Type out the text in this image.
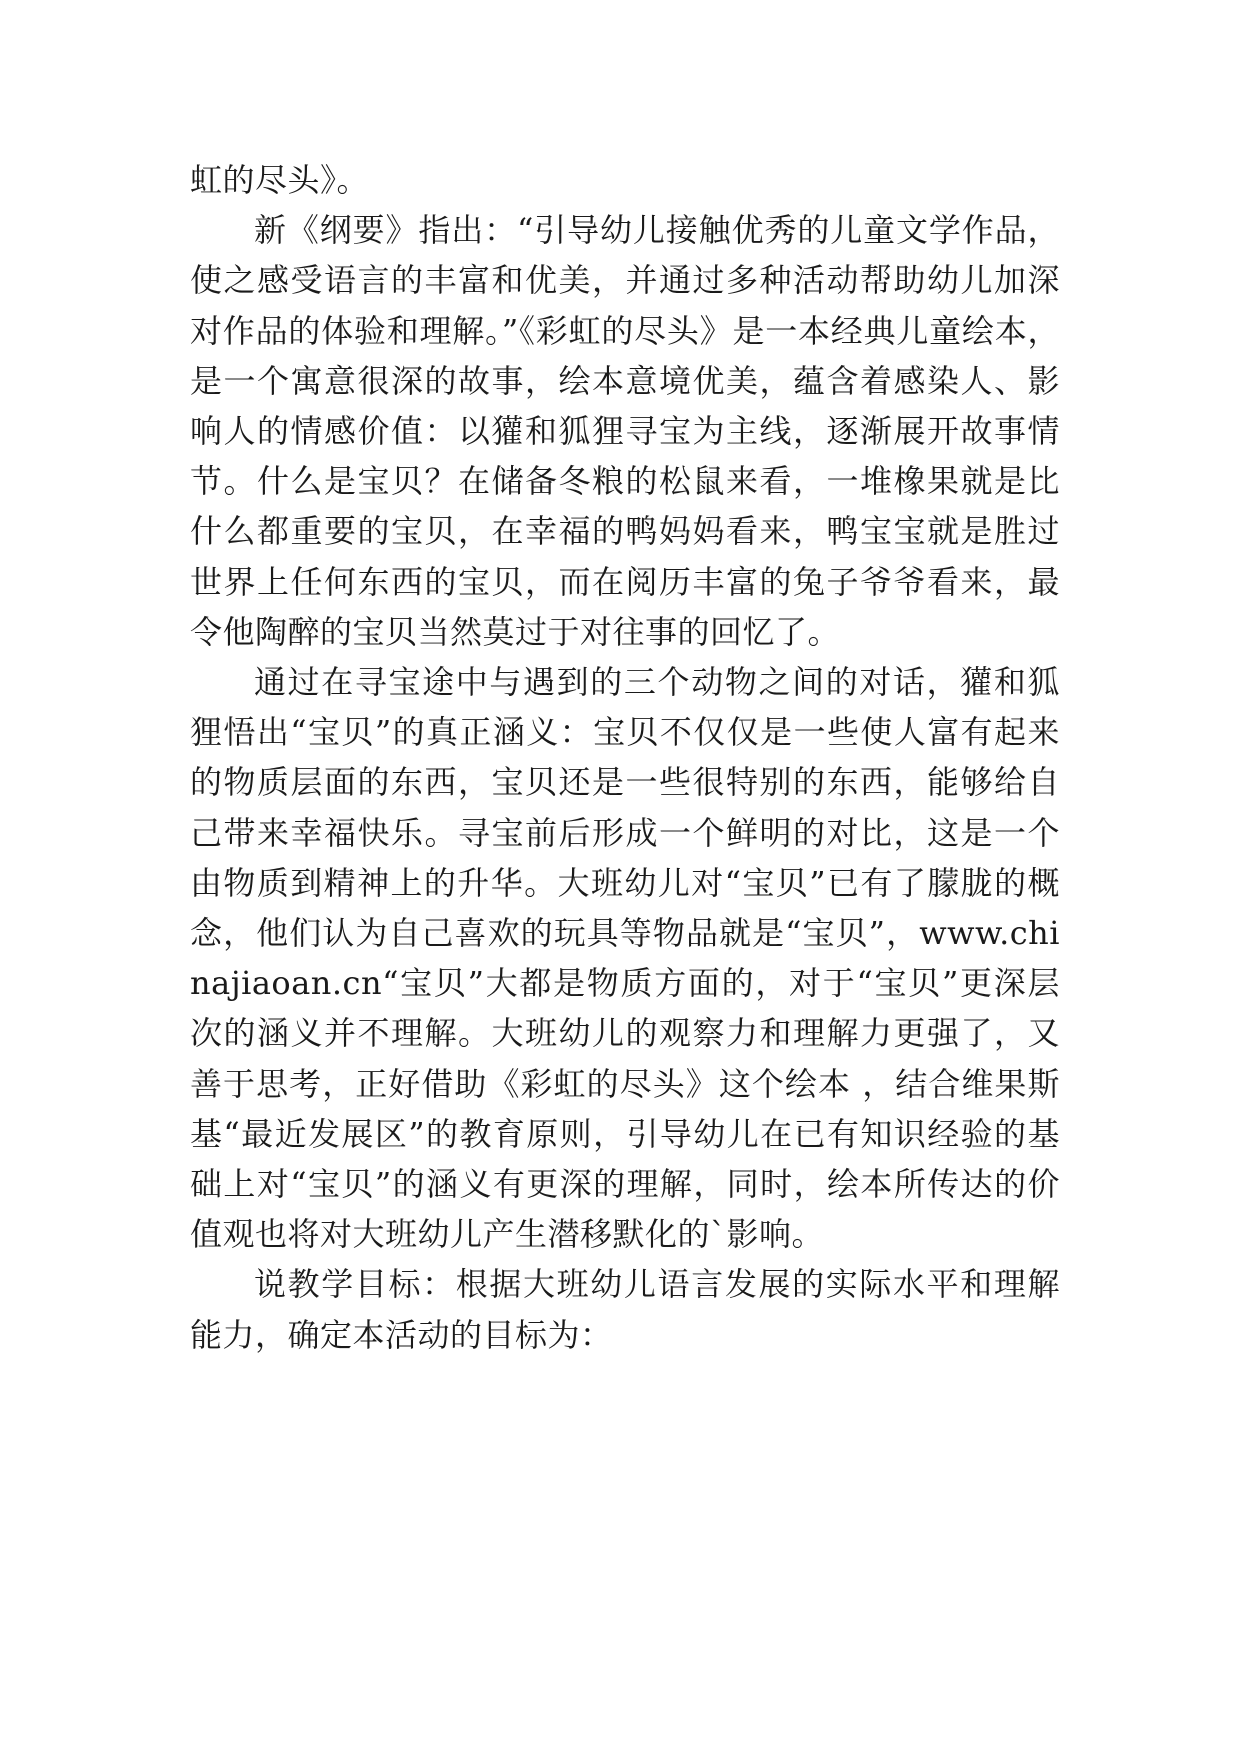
虹的尽头》。

新《纲要》指出：“引导幼儿接触优秀的儿童文学作品，使之感受语言的丰富和优美，并通过多种活动帮助幼儿加深对作品的体验和理解。”《彩虹的尽头》是一本经典儿童绘本，是一个寓意很深的故事，绘本意境优美，蕴含着感染人、影响人的情感价值：以獾和狐狸寻宝为主线，逐渐展开故事情节。什么是宝贝？在储备冬粮的松鼠来看，一堆橡果就是比什么都重要的宝贝，在幸福的鸭妈妈看来，鸭宝宝就是胜过世界上任何东西的宝贝，而在阅历丰富的兔子爷爷看来，最令他陶醉的宝贝当然莫过于对往事的回忆了。

通过在寻宝途中与遇到的三个动物之间的对话，獾和狐狸悟出“宝贝”的真正涵义：宝贝不仅仅是一些使人富有起来的物质层面的东西，宝贝还是一些很特别的东西，能够给自己带来幸福快乐。寻宝前后形成一个鲜明的对比，这是一个由物质到精神上的升华。大班幼儿对“宝贝”已有了朦胧的概念，他们认为自己喜欢的玩具等物品就是“宝贝”，www.chinajiaoan.cn“宝贝”大都是物质方面的，对于“宝贝”更深层次的涵义并不理解。大班幼儿的观察力和理解力更强了，又善于思考，正好借助《彩虹的尽头》这个绘本 ，结合维果斯基“最近发展区”的教育原则，引导幼儿在已有知识经验的基础上对“宝贝”的涵义有更深的理解，同时，绘本所传达的价值观也将对大班幼儿产生潜移默化的`影响。

说教学目标：根据大班幼儿语言发展的实际水平和理解能力，确定本活动的目标为：
